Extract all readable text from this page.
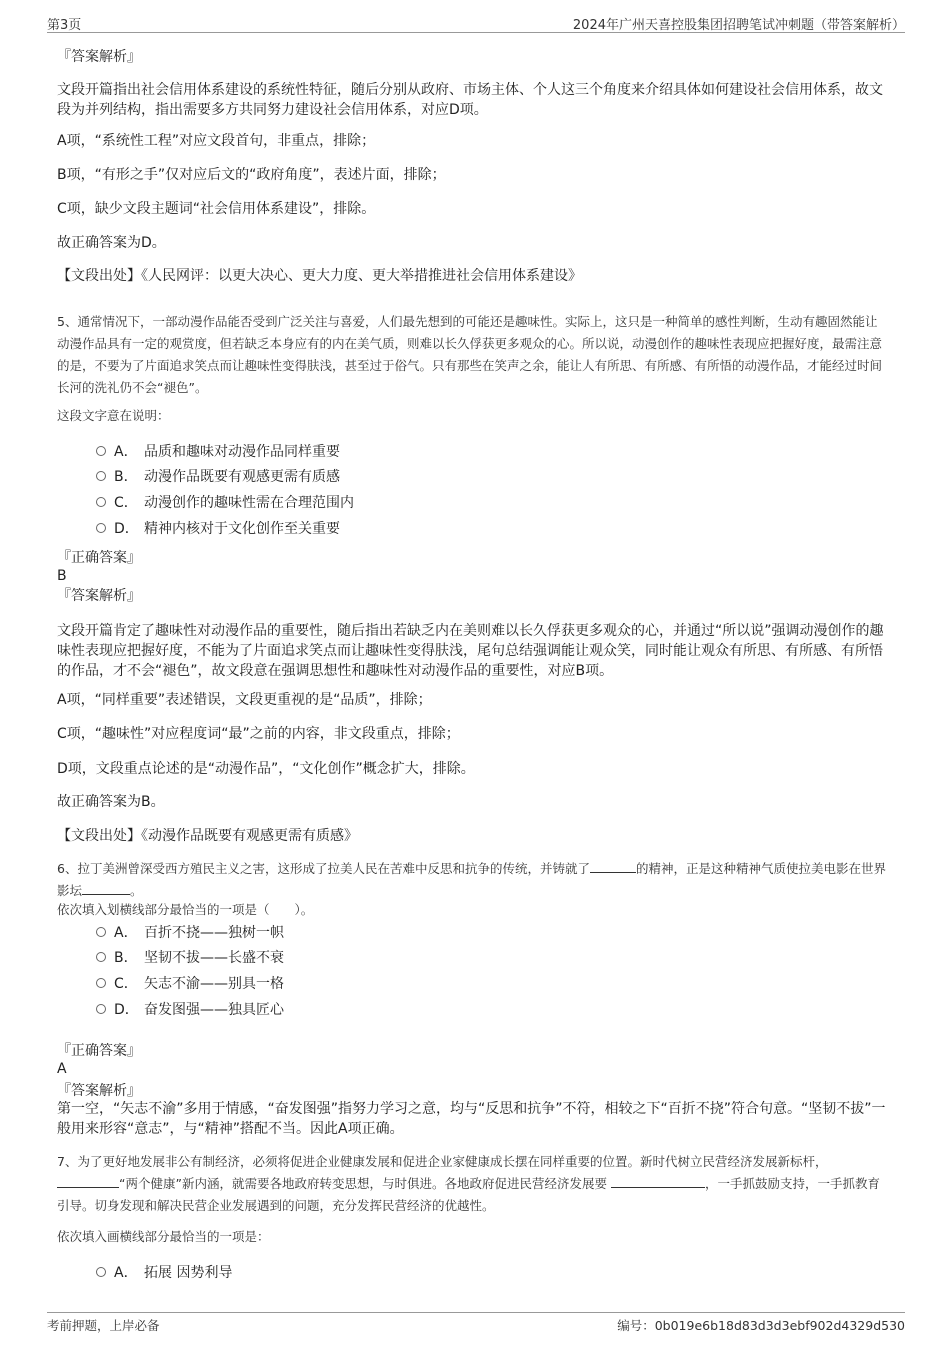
第3页	2024年广州天喜控股集团招聘笔试冲刺题（带答案解析）
『答案解析』
文段开篇指出社会信用体系建设的系统性特征，随后分别从政府、市场主体、个人这三个角度来介绍具体如何建设社会信用体系，故文段为并列结构，指出需要多方共同努力建设社会信用体系，对应D项。
A项，“系统性工程”对应文段首句，非重点，排除；
B项，“有形之手”仅对应后文的“政府角度”，表述片面，排除；
C项，缺少文段主题词“社会信用体系建设”，排除。
故正确答案为D。
【文段出处】《人民网评：以更大决心、更大力度、更大举措推进社会信用体系建设》
5、通常情况下，一部动漫作品能否受到广泛关注与喜爱，人们最先想到的可能还是趣味性。实际上，这只是一种简单的感性判断，生动有趣固然能让动漫作品具有一定的观赏度，但若缺乏本身应有的内在美气质，则难以长久俘获更多观众的心。所以说，动漫创作的趣味性表现应把握好度，最需注意的是，不要为了片面追求笑点而让趣味性变得肤浅，甚至过于俗气。只有那些在笑声之余，能让人有所思、有所感、有所悟的动漫作品，才能经过时间长河的洗礼仍不会“褪色”。
这段文字意在说明：
A． 品质和趣味对动漫作品同样重要
B． 动漫作品既要有观感更需有质感
C． 动漫创作的趣味性需在合理范围内
D． 精神内核对于文化创作至关重要
『正确答案』
B
『答案解析』
文段开篇肯定了趣味性对动漫作品的重要性，随后指出若缺乏内在美则难以长久俘获更多观众的心，并通过“所以说”强调动漫创作的趣味性表现应把握好度，不能为了片面追求笑点而让趣味性变得肤浅，尾句总结强调能让观众笑，同时能让观众有所思、有所感、有所悟的作品，才不会“褪色”，故文段意在强调思想性和趣味性对动漫作品的重要性，对应B项。
A项，“同样重要”表述错误，文段更重视的是“品质”，排除；
C项，“趣味性”对应程度词“最”之前的内容，非文段重点，排除；
D项，文段重点论述的是“动漫作品”，“文化创作”概念扩大，排除。
故正确答案为B。
【文段出处】《动漫作品既要有观感更需有质感》
6、拉丁美洲曾深受西方殖民主义之害，这形成了拉美人民在苦难中反思和抗争的传统，并铸就了	的精神，正是这种精神气质使拉美电影在世界影坛	。
依次填入划横线部分最恰当的一项是（　　）。
A． 百折不挠——独树一帜
B． 坚韧不拔——长盛不衰
C． 矢志不渝——别具一格
D． 奋发图强——独具匠心
『正确答案』
A
『答案解析』
第一空，“矢志不渝”多用于情感，“奋发图强”指努力学习之意，均与“反思和抗争”不符，相较之下“百折不挠”符合句意。“坚韧不拔”一般用来形容“意志”，与“精神”搭配不当。因此A项正确。
7、为了更好地发展非公有制经济，必须将促进企业健康发展和促进企业家健康成长摆在同样重要的位置。新时代树立民营经济发展新标杆，“两个健康”新内涵，就需要各地政府转变思想，与时俱进。各地政府促进民营经济发展要	，一手抓鼓励支持，一手抓教育引导。切身发现和解决民营企业发展遇到的问题，充分发挥民营经济的优越性。
依次填入画横线部分最恰当的一项是：
A． 拓展 因势利导
考前押题，上岸必备	编号：0b019e6b18d83d3d3ebf902d4329d530
